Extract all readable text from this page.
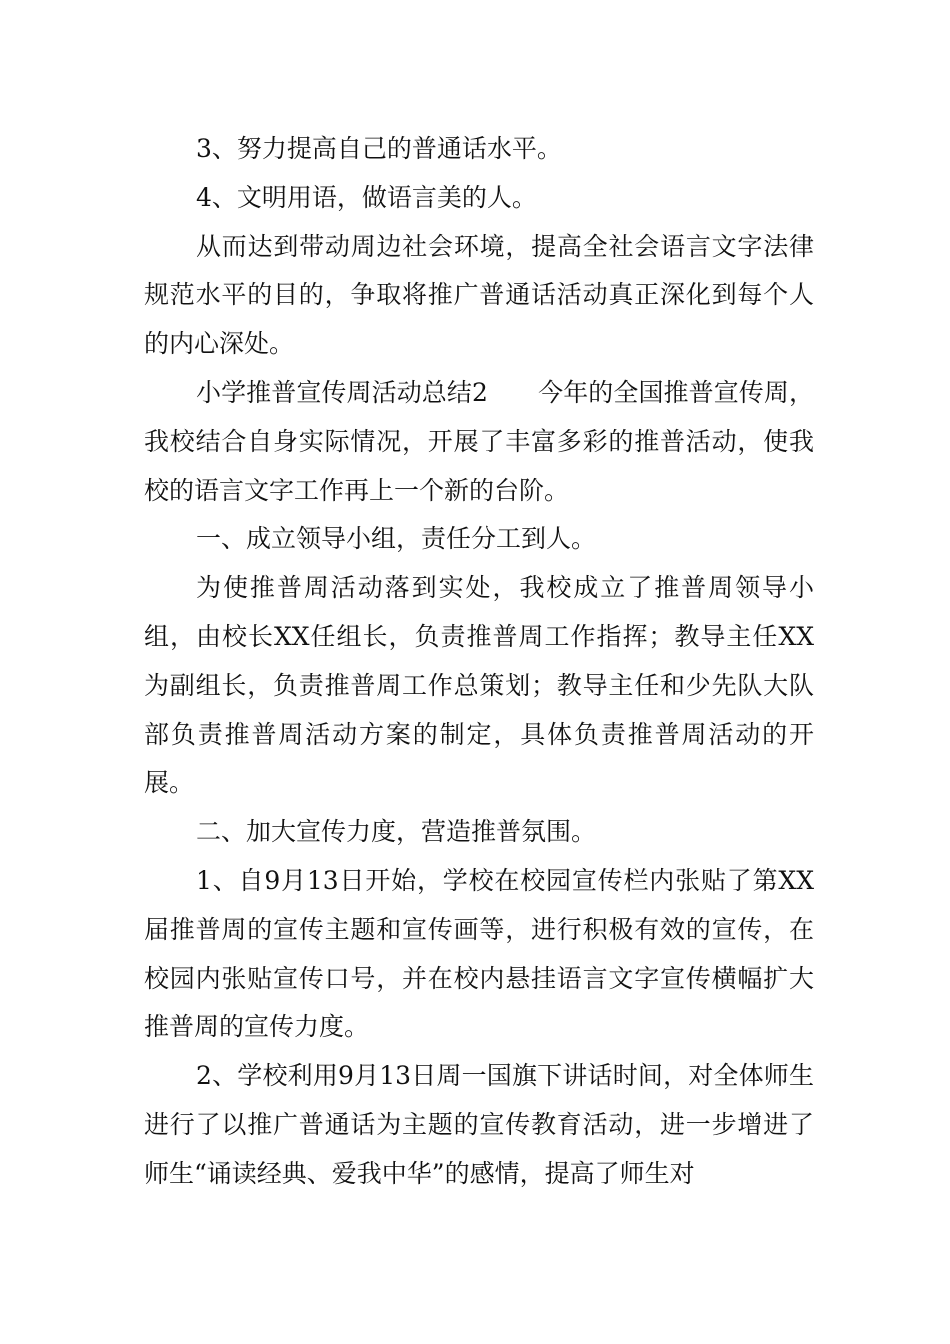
3、努力提高自己的普通话水平。

4、文明用语，做语言美的人。

从而达到带动周边社会环境，提高全社会语言文字法律规范水平的目的，争取将推广普通话活动真正深化到每个人的内心深处。

小学推普宣传周活动总结2　　今年的全国推普宣传周，我校结合自身实际情况，开展了丰富多彩的推普活动，使我校的语言文字工作再上一个新的台阶。

一、成立领导小组，责任分工到人。

为使推普周活动落到实处，我校成立了推普周领导小组，由校长XX任组长，负责推普周工作指挥；教导主任XX为副组长，负责推普周工作总策划；教导主任和少先队大队部负责推普周活动方案的制定，具体负责推普周活动的开展。

二、加大宣传力度，营造推普氛围。

1、自9月13日开始，学校在校园宣传栏内张贴了第XX届推普周的宣传主题和宣传画等，进行积极有效的宣传，在校园内张贴宣传口号，并在校内悬挂语言文字宣传横幅扩大推普周的宣传力度。

2、学校利用9月13日周一国旗下讲话时间，对全体师生进行了以推广普通话为主题的宣传教育活动，进一步增进了师生“诵读经典、爱我中华”的感情，提高了师生对
